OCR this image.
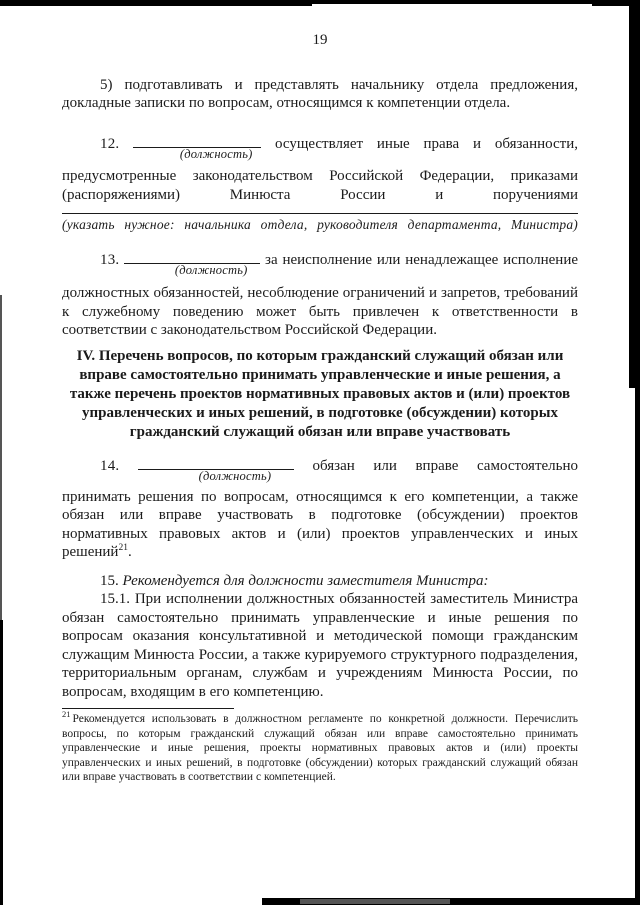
19

5) подготавливать и представлять начальнику отдела предложения, докладные записки по вопросам, относящимся к компетенции отдела.

12.
(должность)
осуществляет иные права и обязанности,

предусмотренные законодательством Российской Федерации, приказами (распоряжениями) Минюста России и поручениями

(указать нужное: начальника отдела, руководителя департамента, Министра)

13.
(должность)
за неисполнение или ненадлежащее исполнение

должностных обязанностей, несоблюдение ограничений и запретов, требований к служебному поведению может быть привлечен к ответственности в соответствии с законодательством Российской Федерации.

IV. Перечень вопросов, по которым гражданский служащий обязан или вправе самостоятельно принимать управленческие и иные решения, а также перечень проектов нормативных правовых актов и (или) проектов управленческих и иных решений, в подготовке (обсуждении) которых гражданский служащий обязан или вправе участвовать

14.
(должность)
обязан или вправе самостоятельно

принимать решения по вопросам, относящимся к его компетенции, а также обязан или вправе участвовать в подготовке (обсуждении) проектов нормативных правовых актов и (или) проектов управленческих и иных решений$^{21}$.

15. Рекомендуется для должности заместителя Министра:

15.1. При исполнении должностных обязанностей заместитель Министра обязан самостоятельно принимать управленческие и иные решения по вопросам оказания консультативной и методической помощи гражданским служащим Минюста России, а также курируемого структурного подразделения, территориальным органам, службам и учреждениям Минюста России, по вопросам, входящим в его компетенцию.

$^{21}$ Рекомендуется использовать в должностном регламенте по конкретной должности. Перечислить вопросы, по которым гражданский служащий обязан или вправе самостоятельно принимать управленческие и иные решения, проекты нормативных правовых актов и (или) проекты управленческих и иных решений, в подготовке (обсуждении) которых гражданский служащий обязан или вправе участвовать в соответствии с компетенцией.
